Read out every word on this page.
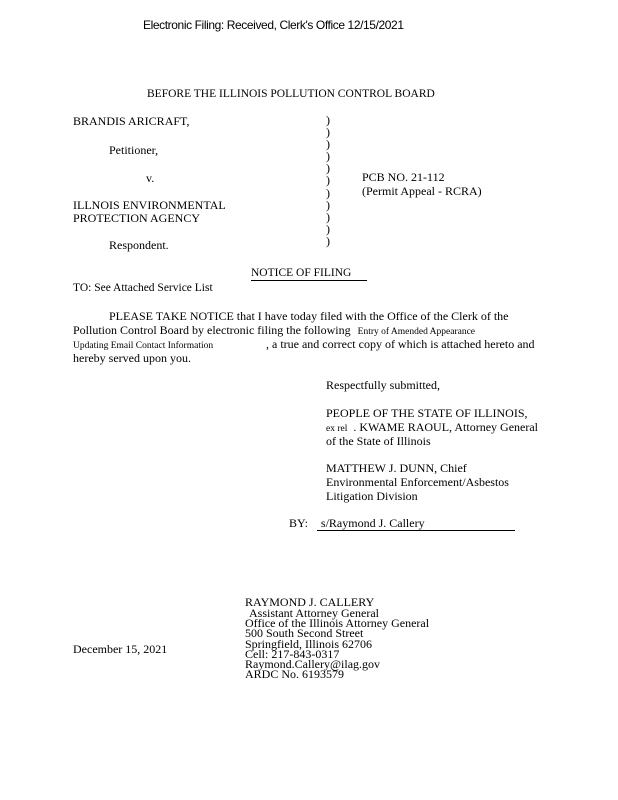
Electronic Filing: Received, Clerk's Office 12/15/2021
BEFORE THE ILLINOIS POLLUTION CONTROL BOARD
BRANDIS ARICRAFT,
Petitioner,
v.
ILLNOIS ENVIRONMENTAL
PROTECTION AGENCY
Respondent.
)
)
)
)
)
)
)
)
)
)
)
PCB NO. 21-112
(Permit Appeal - RCRA)
NOTICE OF FILING
TO: See Attached Service List
PLEASE TAKE NOTICE that I have today filed with the Office of the Clerk of the
Pollution Control Board by electronic filing the following Entry of Amended Appearance
Updating Email Contact Information	, a true and correct copy of which is attached hereto and
hereby served upon you.
Respectfully submitted,
PEOPLE OF THE STATE OF ILLINOIS,
ex rel . KWAME RAOUL, Attorney General
of the State of Illinois
MATTHEW J. DUNN, Chief
Environmental Enforcement/Asbestos
Litigation Division
BY: s/Raymond J. Callery
RAYMOND J. CALLERY
Assistant Attorney General
Office of the Illinois Attorney General
500 South Second Street
Springfield, Illinois 62706
Cell: 217-843-0317
Raymond.Callery@ilag.gov
ARDC No. 6193579
December 15, 2021
